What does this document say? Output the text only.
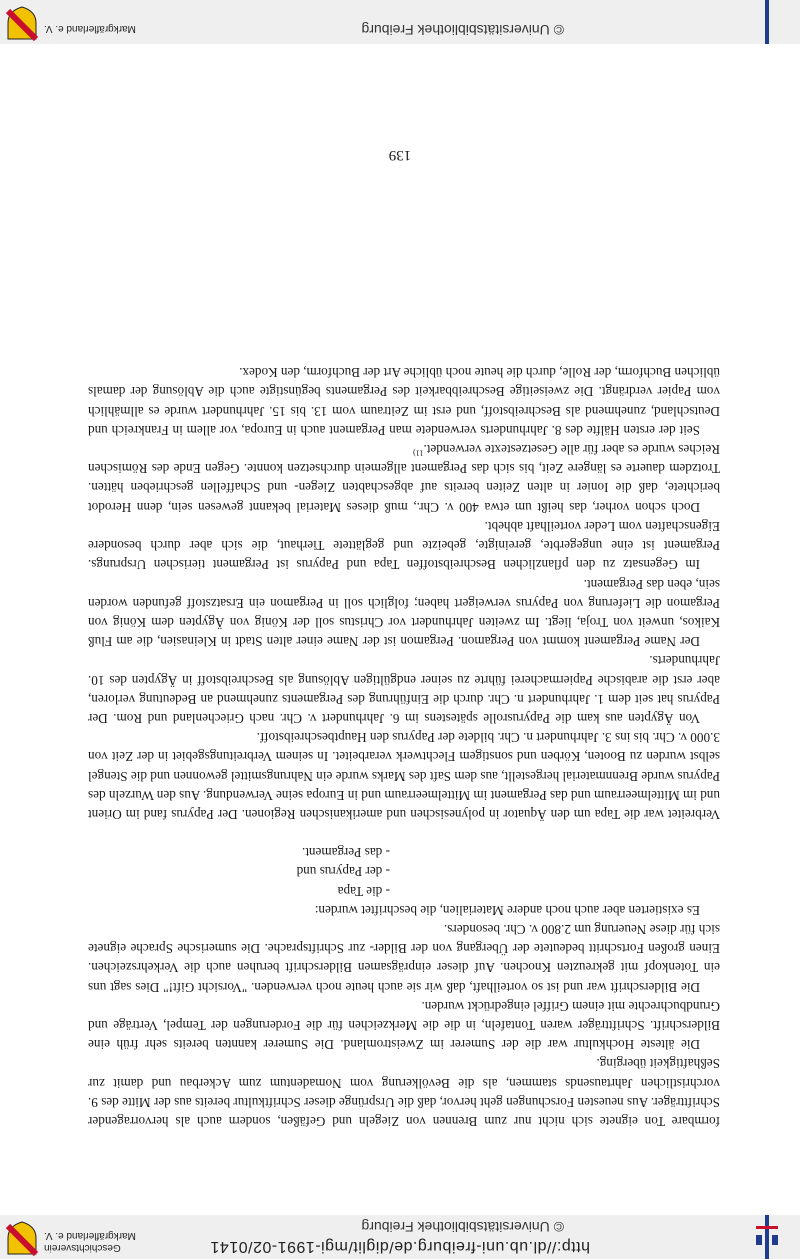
http://dl.ub.uni-freiburg.de/diglit/mgi-1991-02/0141
© Universitätsbibliothek Freiburg
Geschichtsverein
Markgräflerland e. V.

formbare Ton eignete sich nicht nur zum Brennen von Ziegeln und Gefäßen, sondern auch als hervorragender Schriftträger. Aus neuesten Forschungen geht hervor, daß die Ursprünge dieser Schriftkultur bereits aus der Mitte des 9. vorchristlichen Jahrtausends stammen, als die Bevölkerung vom Nomadentum zum Ackerbau und damit zur Seßhaftigkeit überging.

Die älteste Hochkultur war die der Sumerer im Zweistromland. Die Sumerer kannten bereits sehr früh eine Bilderschrift. Schriftträger waren Tontafeln, in die die Merkzeichen für die Forderungen der Tempel, Verträge und Grundbuchrechte mit einem Griffel eingedrückt wurden.

Die Bilderschrift war und ist so vorteilhaft, daß wir sie auch heute noch verwenden. "Vorsicht Gift!" Dies sagt uns ein Totenkopf mit gekreuzten Knochen. Auf dieser einprägsamen Bilderschrift beruhen auch die Verkehrszeichen. Einen großen Fortschritt bedeutete der Übergang von der Bilder- zur Schriftsprache. Die sumerische Sprache eignete sich für diese Neuerung um 2.800 v. Chr. besonders.

Es existierten aber auch noch andere Materialien, die beschriftet wurden:

- die Tapa

- der Papyrus und

- das Pergament.

Verbreitet war die Tapa um den Äquator in polynesischen und amerikanischen Regionen. Der Papyrus fand im Orient und im Mittelmeerraum und das Pergament im Mittelmeerraum und in Europa seine Verwendung. Aus den Wurzeln des Papyrus wurde Brennmaterial hergestellt, aus dem Saft des Marks wurde ein Nahrungsmittel gewonnen und die Stengel selbst wurden zu Booten, Körben und sonstigem Flechtwerk verarbeitet. In seinem Verbreitungsgebiet in der Zeit von 3.000 v. Chr. bis ins 3. Jahrhundert n. Chr. bildete der Papyrus den Hauptbeschreibstoff.

Von Ägypten aus kam die Papyrusrolle spätestens im 6. Jahrhundert v. Chr. nach Griechenland und Rom. Der Papyrus hat seit dem 1. Jahrhundert n. Chr. durch die Einführung des Pergaments zunehmend an Bedeutung verloren, aber erst die arabische Papiermacherei führte zu seiner endgültigen Ablösung als Beschreibstoff in Ägypten des 10. Jahrhunderts.

Der Name Pergament kommt von Pergamon. Pergamon ist der Name einer alten Stadt in Kleinasien, die am Fluß Kaikos, unweit von Troja, liegt. Im zweiten Jahrhundert vor Christus soll der König von Ägypten dem König von Pergamon die Lieferung von Papyrus verweigert haben; folglich soll in Pergamon ein Ersatzstoff gefunden worden sein, eben das Pergament.

Im Gegensatz zu den pflanzlichen Beschreibstoffen Tapa und Papyrus ist Pergament tierischen Ursprungs. Pergament ist eine ungegerbte, gereinigte, gebeizte und geglättete Tierhaut, die sich aber durch besondere Eigenschaften vom Leder vorteilhaft abhebt.

Doch schon vorher, das heißt um etwa 400 v. Chr., muß dieses Material bekannt gewesen sein, denn Herodot berichtete, daß die Ionier in alten Zeiten bereits auf abgeschabten Ziegen- und Schaffellen geschrieben hätten. Trotzdem dauerte es längere Zeit, bis sich das Pergament allgemein durchsetzen konnte. Gegen Ende des Römischen Reiches wurde es aber für alle Gesetzestexte verwendet.$^{11)}$

Seit der ersten Hälfte des 8. Jahrhunderts verwendete man Pergament auch in Europa, vor allem in Frankreich und Deutschland, zunehmend als Beschreibstoff, und erst im Zeitraum vom 13. bis 15. Jahrhundert wurde es allmählich vom Papier verdrängt. Die zweiseitige Beschreibbarkeit des Pergaments begünstigte auch die Ablösung der damals üblichen Buchform, der Rolle, durch die heute noch übliche Art der Buchform, den Kodex.

139
© Universitätsbibliothek Freiburg
Markgräflerland e. V.
